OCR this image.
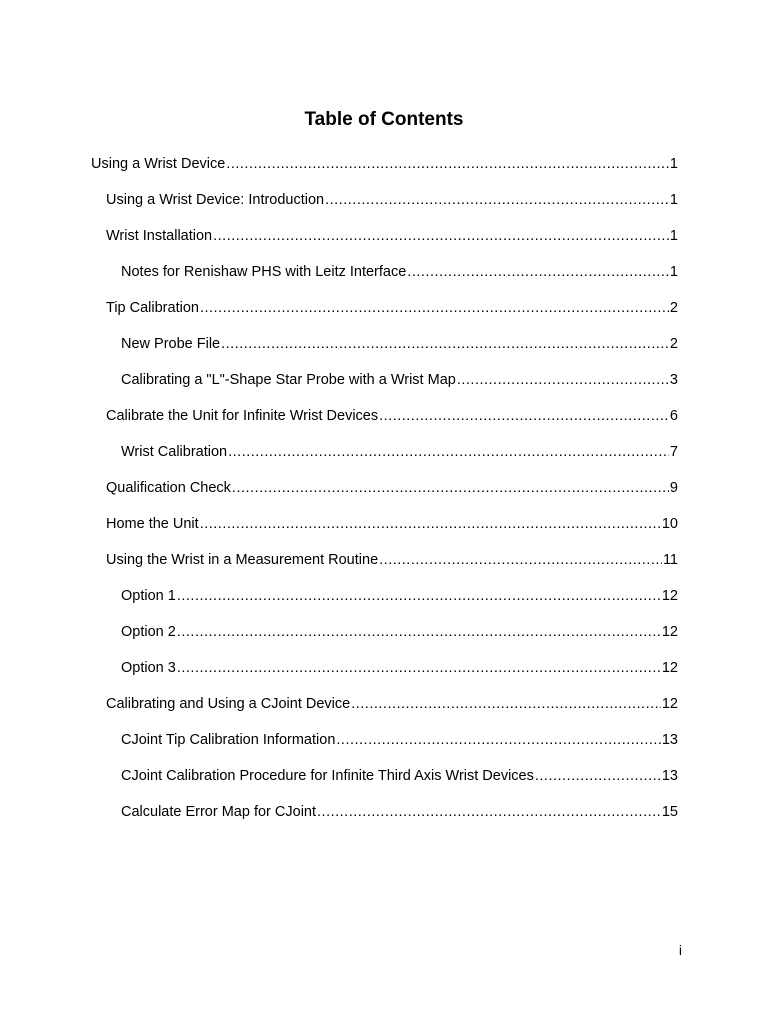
Table of Contents
Using a Wrist Device .....	1
Using a Wrist Device: Introduction .....	1
Wrist Installation .....	1
Notes for Renishaw PHS with Leitz Interface .....	1
Tip Calibration .....	2
New Probe File .....	2
Calibrating a "L"-Shape Star Probe with a Wrist Map .....	3
Calibrate the Unit for Infinite Wrist Devices .....	6
Wrist Calibration .....	7
Qualification Check .....	9
Home the Unit .....	10
Using the Wrist in a Measurement Routine .....	11
Option 1 .....	12
Option 2 .....	12
Option 3 .....	12
Calibrating and Using a CJoint Device .....	12
CJoint Tip Calibration Information .....	13
CJoint Calibration Procedure for Infinite Third Axis Wrist Devices .....	13
Calculate Error Map for CJoint .....	15
i
